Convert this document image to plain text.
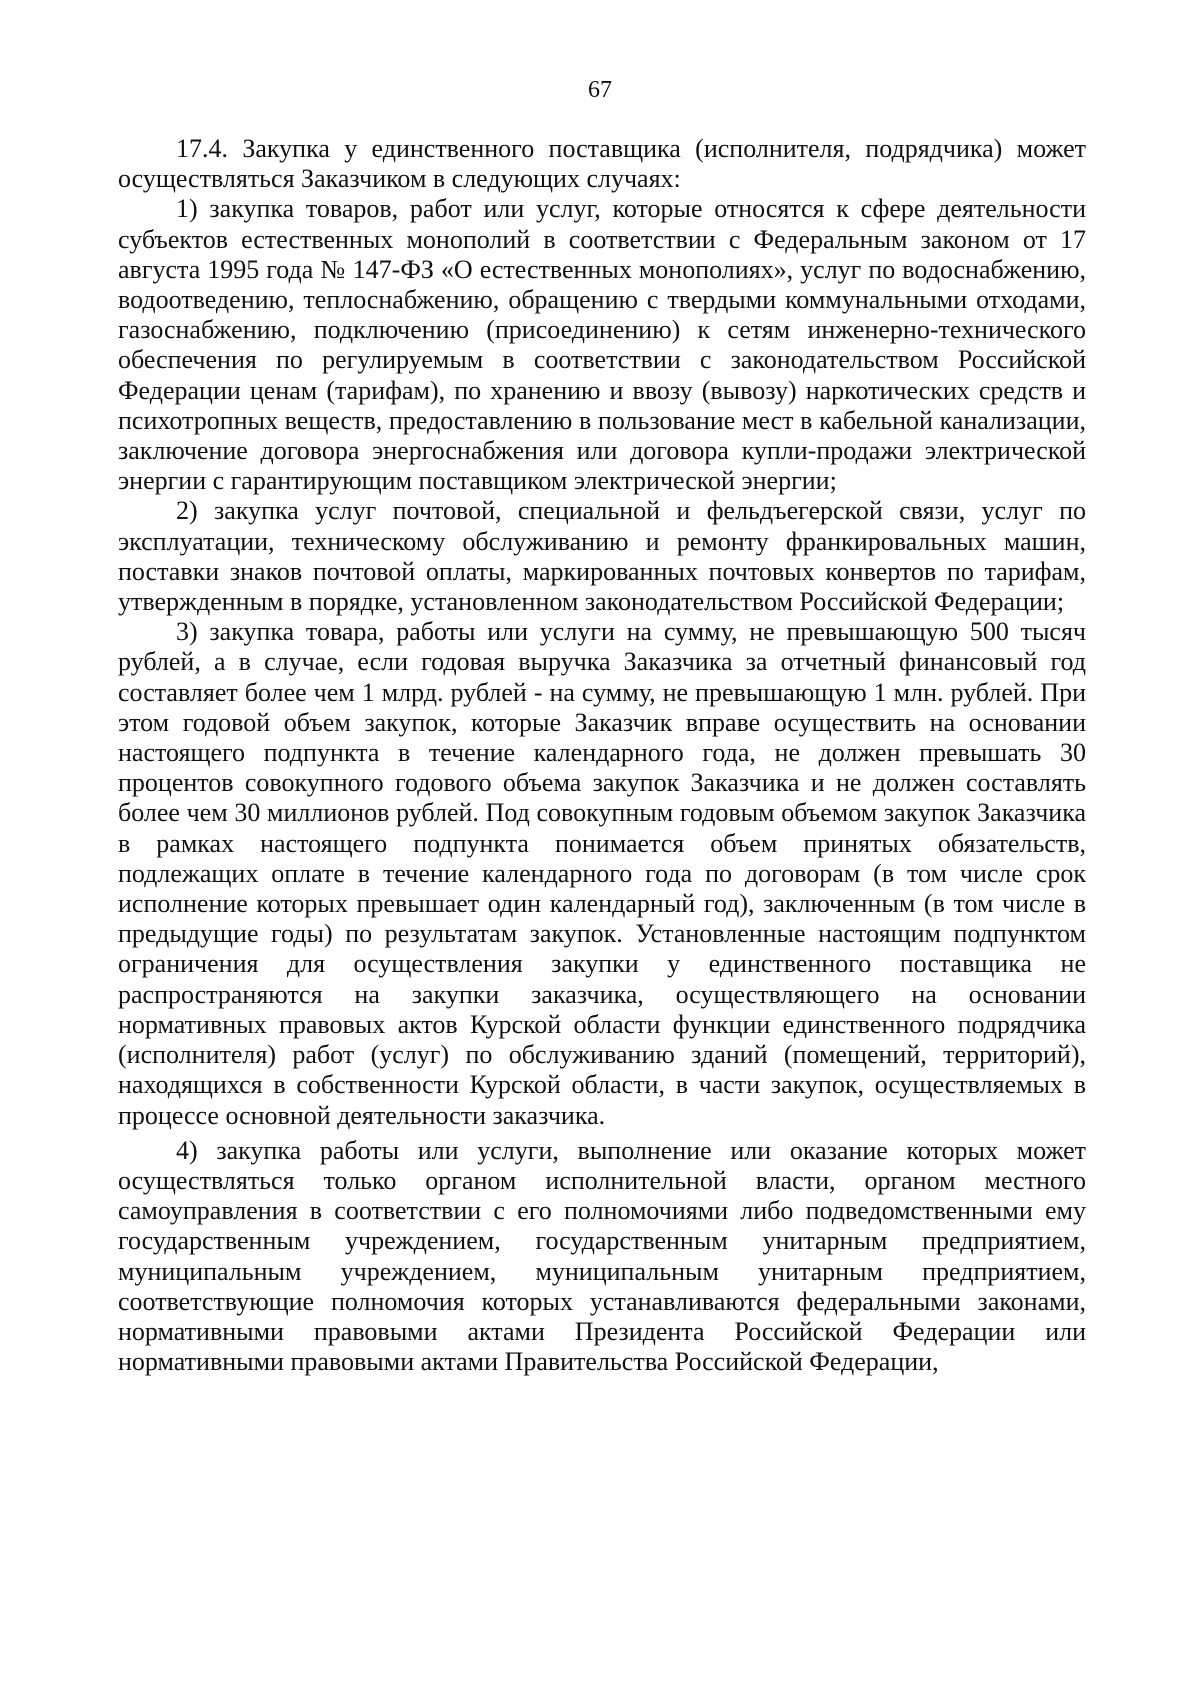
67

17.4. Закупка у единственного поставщика (исполнителя, подрядчика) может осуществляться Заказчиком в следующих случаях:

1) закупка товаров, работ или услуг, которые относятся к сфере деятельности субъектов естественных монополий в соответствии с Федеральным законом от 17 августа 1995 года № 147-ФЗ «О естественных монополиях», услуг по водоснабжению, водоотведению, теплоснабжению, обращению с твердыми коммунальными отходами, газоснабжению, подключению (присоединению) к сетям инженерно-технического обеспечения по регулируемым в соответствии с законодательством Российской Федерации ценам (тарифам), по хранению и ввозу (вывозу) наркотических средств и психотропных веществ, предоставлению в пользование мест в кабельной канализации, заключение договора энергоснабжения или договора купли-продажи электрической энергии с гарантирующим поставщиком электрической энергии;

2) закупка услуг почтовой, специальной и фельдъегерской связи, услуг по эксплуатации, техническому обслуживанию и ремонту франкировальных машин, поставки знаков почтовой оплаты, маркированных почтовых конвертов по тарифам, утвержденным в порядке, установленном законодательством Российской Федерации;

3) закупка товара, работы или услуги на сумму, не превышающую 500 тысяч рублей, а в случае, если годовая выручка Заказчика за отчетный финансовый год составляет более чем 1 млрд. рублей - на сумму, не превышающую 1 млн. рублей. При этом годовой объем закупок, которые Заказчик вправе осуществить на основании настоящего подпункта в течение календарного года, не должен превышать 30 процентов совокупного годового объема закупок Заказчика и не должен составлять более чем 30 миллионов рублей. Под совокупным годовым объемом закупок Заказчика в рамках настоящего подпункта понимается объем принятых обязательств, подлежащих оплате в течение календарного года по договорам (в том числе срок исполнение которых превышает один календарный год), заключенным (в том числе в предыдущие годы) по результатам закупок. Установленные настоящим подпунктом ограничения для осуществления закупки у единственного поставщика не распространяются на закупки заказчика, осуществляющего на основании нормативных правовых актов Курской области функции единственного подрядчика (исполнителя) работ (услуг) по обслуживанию зданий (помещений, территорий), находящихся в собственности Курской области, в части закупок, осуществляемых в процессе основной деятельности заказчика.

4) закупка работы или услуги, выполнение или оказание которых может осуществляться только органом исполнительной власти, органом местного самоуправления в соответствии с его полномочиями либо подведомственными ему государственным учреждением, государственным унитарным предприятием, муниципальным учреждением, муниципальным унитарным предприятием, соответствующие полномочия которых устанавливаются федеральными законами, нормативными правовыми актами Президента Российской Федерации или нормативными правовыми актами Правительства Российской Федерации,
